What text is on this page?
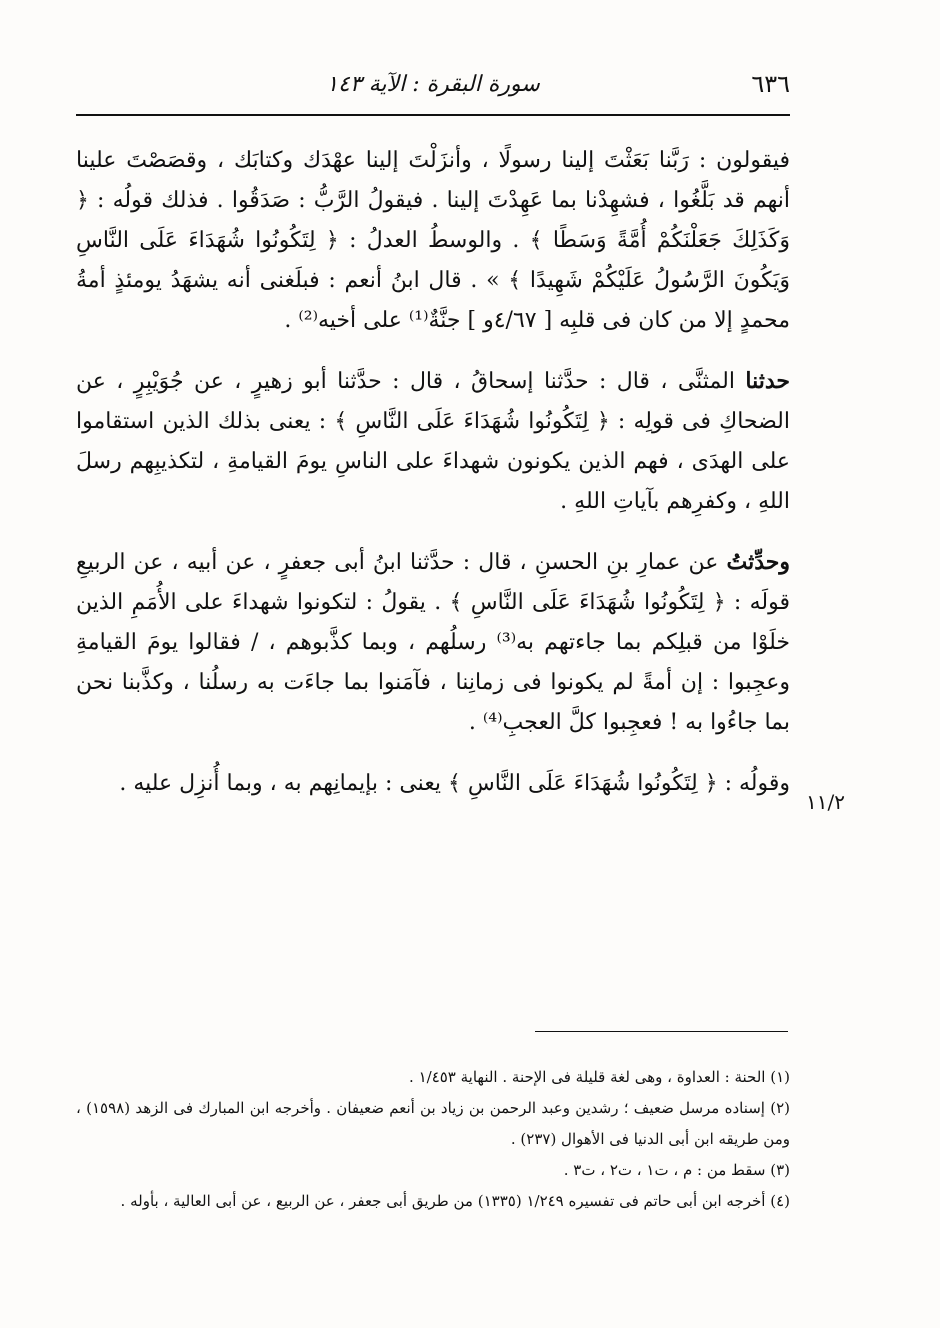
٦٣٦
سورة البقرة : الآية ١٤٣
١١/٢

فيقولون : رَبَّنا بَعَثْتَ إلينا رسولًا ، وأنزَلْتَ إلينا عهْدَك وكتابَك ، وقصَصْتَ علينا أنهم قد بَلَّغُوا ، فشهِدْنا بما عَهِدْتَ إلينا . فيقولُ الرَّبُّ : صَدَقُوا . فذلك قولُه : ﴿ وَكَذَلِكَ جَعَلْنَكُمْ أُمَّةً وَسَطًا ﴾ . والوسطُ العدلُ : ﴿ لِتَكُونُوا شُهَدَاءَ عَلَى النَّاسِ وَيَكُونَ الرَّسُولُ عَلَيْكُمْ شَهِيدًا ﴾ » . قال ابنُ أنعم : فبلَغنى أنه يشهَدُ يومئذٍ أمةُ محمدٍ إلا من كان فى قلبِه [ ٤/٦٧و ] جنَّةٌ⁽¹⁾ على أخيه⁽²⁾ .

حدثنا المثنَّى ، قال : حدَّثنا إسحاقُ ، قال : حدَّثنا أبو زهيرٍ ، عن جُوَيْبِرٍ ، عن الضحاكِ فى قولِه : ﴿ لِتَكُونُوا شُهَدَاءَ عَلَى النَّاسِ ﴾ : يعنى بذلك الذين استقاموا على الهدَى ، فهم الذين يكونون شهداءَ على الناسِ يومَ القيامةِ ، لتكذيبِهم رسلَ اللهِ ، وكفرِهم بآياتِ اللهِ .

وحدِّثتُ عن عمارِ بنِ الحسنِ ، قال : حدَّثنا ابنُ أبى جعفرٍ ، عن أبيه ، عن الربيعِ قولَه : ﴿ لِتَكُونُوا شُهَدَاءَ عَلَى النَّاسِ ﴾ . يقولُ : لتكونوا شهداءَ على الأُمَمِ الذين خلَوْا من قبلِكم بما جاءتهم به⁽³⁾ رسلُهم ، وبما كذَّبوهم ، / فقالوا يومَ القيامةِ وعجِبوا : إن أمةً لم يكونوا فى زمانِنا ، فآمَنوا بما جاءَت به رسلُنا ، وكذَّبنا نحن بما جاءُوا به ! فعجِبوا كلَّ العجبِ⁽⁴⁾ .

وقولُه : ﴿ لِتَكُونُوا شُهَدَاءَ عَلَى النَّاسِ ﴾ يعنى : بإيمانِهم به ، وبما أُنزِل عليه .

(١) الحنة : العداوة ، وهى لغة قليلة فى الإحنة . النهاية ١/٤٥٣ .

(٢) إسناده مرسل ضعيف ؛ رشدين وعبد الرحمن بن زياد بن أنعم ضعيفان . وأخرجه ابن المبارك فى الزهد (١٥٩٨) ، ومن طريقه ابن أبى الدنيا فى الأهوال (٢٣٧) .

(٣) سقط من : م ، ت١ ، ت٢ ، ت٣ .

(٤) أخرجه ابن أبى حاتم فى تفسيره ١/٢٤٩ (١٣٣٥) من طريق أبى جعفر ، عن الربيع ، عن أبى العالية ، بأوله .
